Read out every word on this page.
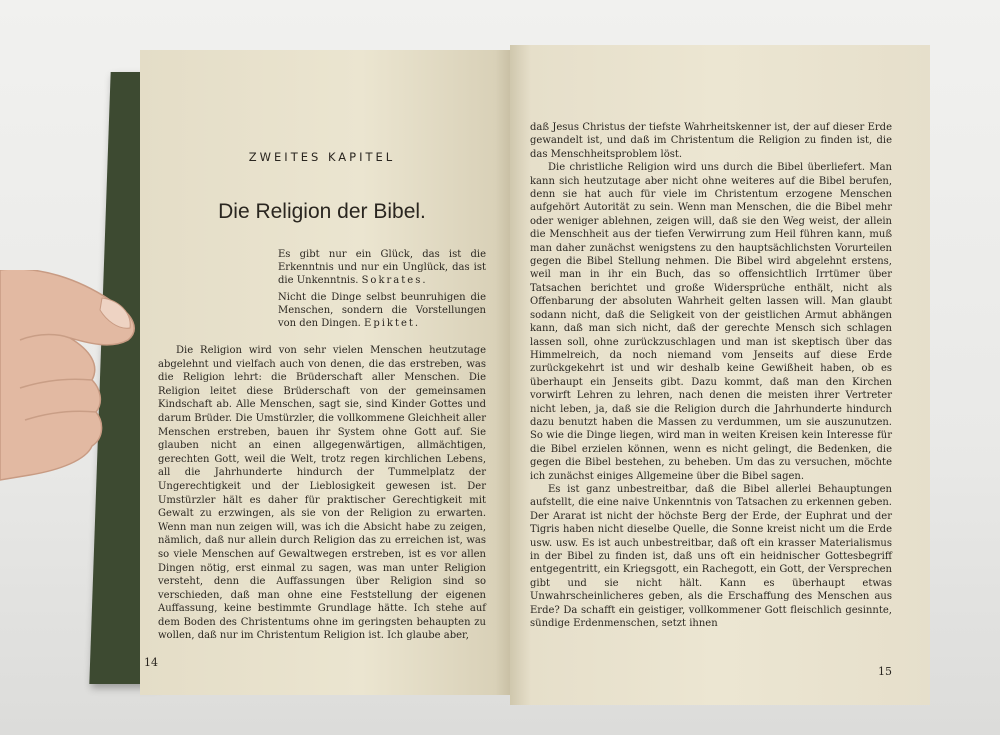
ZWEITES KAPITEL
Die Religion der Bibel.
Es gibt nur ein Glück, das ist die Erkenntnis und nur ein Unglück, das ist die Unkenntnis. Sokrates.
Nicht die Dinge selbst beunruhigen die Menschen, sondern die Vorstellungen von den Dingen. Epiktet.

Die Religion wird von sehr vielen Menschen heutzutage abgelehnt und vielfach auch von denen, die das erstreben, was die Religion lehrt: die Brüderschaft aller Menschen. Die Religion leitet diese Brüderschaft von der gemeinsamen Kindschaft ab. Alle Menschen, sagt sie, sind Kinder Gottes und darum Brüder. Die Umstürzler, die vollkommene Gleichheit aller Menschen erstreben, bauen ihr System ohne Gott auf. Sie glauben nicht an einen allgegenwärtigen, allmächtigen, gerechten Gott, weil die Welt, trotz regen kirchlichen Lebens, all die Jahrhunderte hindurch der Tummelplatz der Ungerechtigkeit und der Lieblosigkeit gewesen ist. Der Umstürzler hält es daher für praktischer Gerechtigkeit mit Gewalt zu erzwingen, als sie von der Religion zu erwarten. Wenn man nun zeigen will, was ich die Absicht habe zu zeigen, nämlich, daß nur allein durch Religion das zu erreichen ist, was so viele Menschen auf Gewaltwegen erstreben, ist es vor allen Dingen nötig, erst einmal zu sagen, was man unter Religion versteht, denn die Auffassungen über Religion sind so verschieden, daß man ohne eine Feststellung der eigenen Auffassung, keine bestimmte Grundlage hätte. Ich stehe auf dem Boden des Christentums ohne im geringsten behaupten zu wollen, daß nur im Christentum Religion ist. Ich glaube aber,

14

daß Jesus Christus der tiefste Wahrheitskenner ist, der auf dieser Erde gewandelt ist, und daß im Christentum die Religion zu finden ist, die das Menschheitsproblem löst.

Die christliche Religion wird uns durch die Bibel überliefert. Man kann sich heutzutage aber nicht ohne weiteres auf die Bibel berufen, denn sie hat auch für viele im Christentum erzogene Menschen aufgehört Autorität zu sein. Wenn man Menschen, die die Bibel mehr oder weniger ablehnen, zeigen will, daß sie den Weg weist, der allein die Menschheit aus der tiefen Verwirrung zum Heil führen kann, muß man daher zunächst wenigstens zu den hauptsächlichsten Vorurteilen gegen die Bibel Stellung nehmen. Die Bibel wird abgelehnt erstens, weil man in ihr ein Buch, das so offensichtlich Irrtümer über Tatsachen berichtet und große Widersprüche enthält, nicht als Offenbarung der absoluten Wahrheit gelten lassen will. Man glaubt sodann nicht, daß die Seligkeit von der geistlichen Armut abhängen kann, daß man sich nicht, daß der gerechte Mensch sich schlagen lassen soll, ohne zurückzuschlagen und man ist skeptisch über das Himmelreich, da noch niemand vom Jenseits auf diese Erde zurückgekehrt ist und wir deshalb keine Gewißheit haben, ob es überhaupt ein Jenseits gibt. Dazu kommt, daß man den Kirchen vorwirft Lehren zu lehren, nach denen die meisten ihrer Vertreter nicht leben, ja, daß sie die Religion durch die Jahrhunderte hindurch dazu benutzt haben die Massen zu verdummen, um sie auszunutzen. So wie die Dinge liegen, wird man in weiten Kreisen kein Interesse für die Bibel erzielen können, wenn es nicht gelingt, die Bedenken, die gegen die Bibel bestehen, zu beheben. Um das zu versuchen, möchte ich zunächst einiges Allgemeine über die Bibel sagen.

Es ist ganz unbestreitbar, daß die Bibel allerlei Behauptungen aufstellt, die eine naive Unkenntnis von Tatsachen zu erkennen geben. Der Ararat ist nicht der höchste Berg der Erde, der Euphrat und der Tigris haben nicht dieselbe Quelle, die Sonne kreist nicht um die Erde usw. usw. Es ist auch unbestreitbar, daß oft ein krasser Materialismus in der Bibel zu finden ist, daß uns oft ein heidnischer Gottesbegriff entgegentritt, ein Kriegsgott, ein Rachegott, ein Gott, der Versprechen gibt und sie nicht hält. Kann es überhaupt etwas Unwahrscheinlicheres geben, als die Erschaffung des Menschen aus Erde? Da schafft ein geistiger, vollkommener Gott fleischlich gesinnte, sündige Erdenmenschen, setzt ihnen

15
